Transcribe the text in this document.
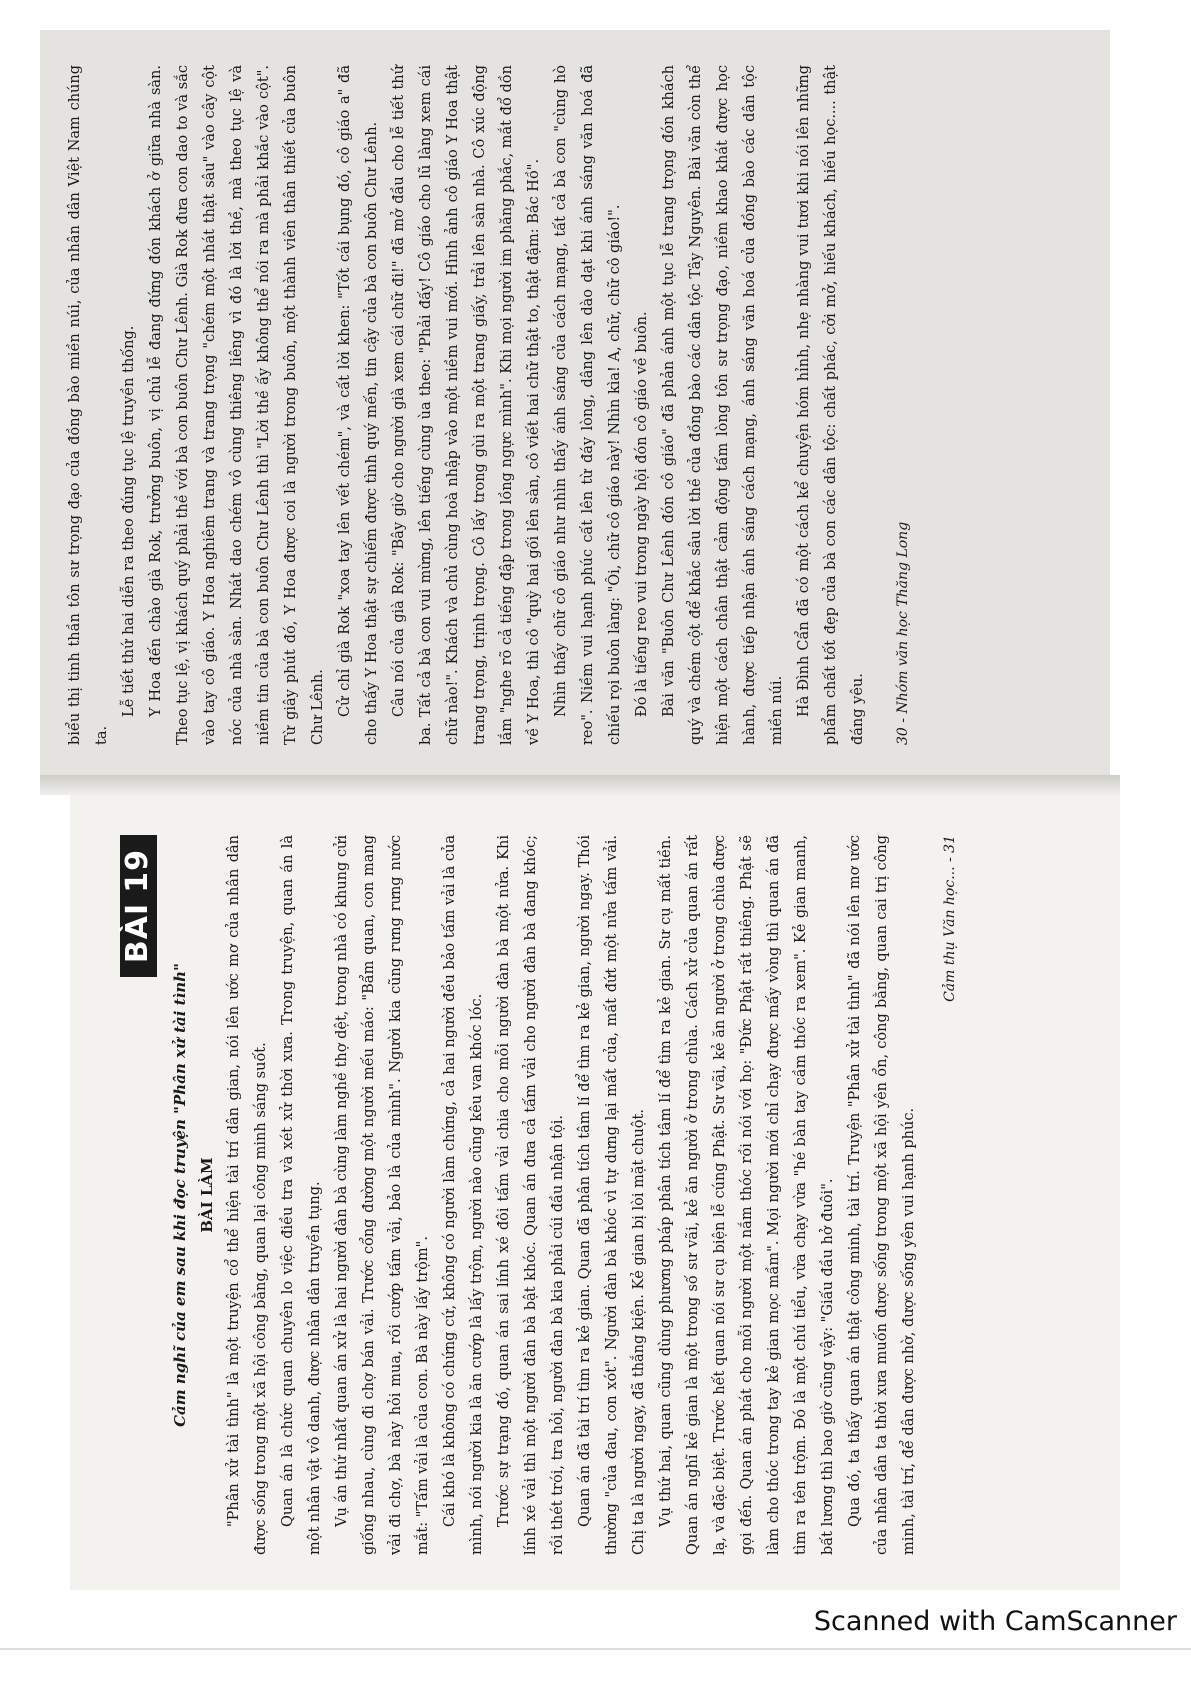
biểu thị tinh thần tôn sư trọng đạo của đồng bào miền núi, của nhân dân Việt Nam chúng ta.

Lễ tiết thứ hai diễn ra theo đúng tục lệ truyền thống. Y Hoa đến chào già Rok, trưởng buôn, vị chủ lễ đang đứng đón khách ở giữa nhà sàn. Theo tục lệ, vị khách quý phải thề với bà con buôn Chư Lênh. Già Rok đưa con dao to và sắc vào tay cô giáo. Y Hoa nghiêm trang và trang trọng "chém một nhát thật sâu" vào cây cột nóc của nhà sàn. Nhát dao chém vô cùng thiêng liêng vì đó là lời thề, mà theo tục lệ và niềm tin của bà con buôn Chư Lênh thì "Lời thề ấy không thể nói ra mà phải khắc vào cột". Từ giây phút đó, Y Hoa được coi là người trong buôn, một thành viên thân thiết của buôn Chư Lênh. Cử chỉ già Rok "xoa tay lên vết chém", và cất lời khen: "Tốt cái bụng đó, cô giáo a" đã cho thấy Y Hoa thật sự chiếm được tình quý mến, tin cậy của bà con buôn Chư Lênh. Câu nói của già Rok: "Bây giờ cho người già xem cái chữ đi!" đã mở đầu cho lễ tiết thứ ba. Tất cả bà con vui mừng, lên tiếng cùng ùa theo: "Phải đấy! Cô giáo cho lũ làng xem cái chữ nào!". Khách và chủ cùng hoà nhập vào một niềm vui mới. Hình ảnh cô giáo Y Hoa thật trang trọng, trịnh trọng. Cô lấy trong gùi ra một trang giấy, trải lên sàn nhà. Cô xúc động lắm "nghe rõ cả tiếng đập trong lồng ngực mình". Khi mọi người im phăng phắc, mắt đổ dồn về Y Hoa, thì cô "quỳ hai gối lên sàn, cô viết hai chữ thật to, thật đậm: Bác Hồ". Nhìn thấy chữ cô giáo như nhìn thấy ánh sáng của cách mạng, tất cả bà con "cùng hò reo". Niềm vui hạnh phúc cất lên từ đáy lòng, dâng lên dào dạt khi ánh sáng văn hoá đã chiếu rọi buôn làng: "Ôi, chữ cô giáo này! Nhìn kìa! A, chữ, chữ cô giáo!". Đó là tiếng reo vui trong ngày hội đón cô giáo về buôn. Bài văn "Buôn Chư Lênh đón cô giáo" đã phản ánh một tục lễ trang trọng đón khách quý và chém cột để khắc sâu lời thề của đồng bào các dân tộc Tây Nguyên. Bài văn còn thể hiện một cách chân thật cảm động tấm lòng tôn sư trọng đạo, niềm khao khát được học hành, được tiếp nhận ánh sáng cách mạng, ánh sáng văn hoá của đồng bào các dân tộc miền núi. Hà Đình Cẩn đã có một cách kể chuyện hóm hỉnh, nhẹ nhàng vui tươi khi nói lên những phẩm chất tốt đẹp của bà con các dân tộc: chất phác, cởi mở, hiếu khách, hiếu học.... thật đáng yêu.	30 - Nhóm văn học Thăng Long
BÀI 19
Cảm nghĩ của em sau khi đọc truyện "Phân xử tài tình" BÀI LÀM "Phân xử tài tình" là một truyện cổ thể hiện tài trí dân gian, nói lên ước mơ của nhân dân được sống trong một xã hội công bằng, quan lại công minh sáng suốt. Quan án là chức quan chuyên lo việc điều tra và xét xử thời xưa. Trong truyện, quan án là một nhân vật vô danh, được nhân dân truyền tụng. Vụ án thứ nhất quan án xử là hai người đàn bà cùng làm nghề thợ dệt, trong nhà có khung cửi giống nhau, cùng đi chợ bán vải. Trước cổng đường một người mếu máo: "Bẩm quan, con mang vải đi chợ, bà này hỏi mua, rồi cướp tấm vải, bảo là của mình". Người kia cũng rưng rưng nước mắt: "Tấm vải là của con. Bà này lấy trộm". Cái khó là không có chứng cứ, không có người làm chứng, cả hai người đều bảo tấm vải là của mình, nói người kia là ăn cướp là lấy trộm, người nào cũng kêu van khóc lóc. Trước sự trạng đó, quan án sai lính xé đôi tấm vải chia cho mỗi người đàn bà một nửa. Khi lính xé vải thì một người đàn bà bật khóc. Quan án đưa cả tấm vải cho người đàn bà đang khóc; rồi thét trói, tra hỏi, người đàn bà kia phải cúi đầu nhận tội. Quan án đã tài trí tìm ra kẻ gian. Quan đã phân tích tâm lí để tìm ra kẻ gian, người ngay. Thói thường "của đau, con xót". Người đàn bà khóc vì tự dưng lại mất của, mất đứt một nửa tấm vải. Chị ta là người ngay, đã thắng kiện. Kẻ gian bị lòi mặt chuột. Vụ thứ hai, quan cũng dùng phương pháp phân tích tâm lí để tìm ra kẻ gian. Sư cụ mất tiền. Quan án nghĩ kẻ gian là một trong số sư vãi, kẻ ăn người ở trong chùa. Cách xử của quan án rất lạ, và đặc biệt. Trước hết quan nói sư cụ biện lễ cúng Phật. Sư vãi, kẻ ăn người ở trong chùa được gọi đến. Quan án phát cho mỗi người một nắm thóc rồi nói với họ: "Đức Phật rất thiêng. Phật sẽ làm cho thóc trong tay kẻ gian mọc mầm". Mọi người mới chỉ chạy được mấy vòng thì quan án đã tìm ra tên trộm. Đó là một chú tiểu, vừa chạy vừa "hé bàn tay cầm thóc ra xem". Kẻ gian manh, bất lương thì bao giờ cũng vậy: "Giấu đầu hở đuôi". Qua đó, ta thấy quan án thật công minh, tài trí. Truyện "Phân xử tài tình" đã nói lên mơ ước của nhân dân ta thời xưa muốn được sống trong một xã hội yên ổn, công bằng, quan cai trị công minh, tài trí, để dân được nhờ, được sống yên vui hạnh phúc.

Cảm thụ Văn học... - 31
Scanned with CamScanner
